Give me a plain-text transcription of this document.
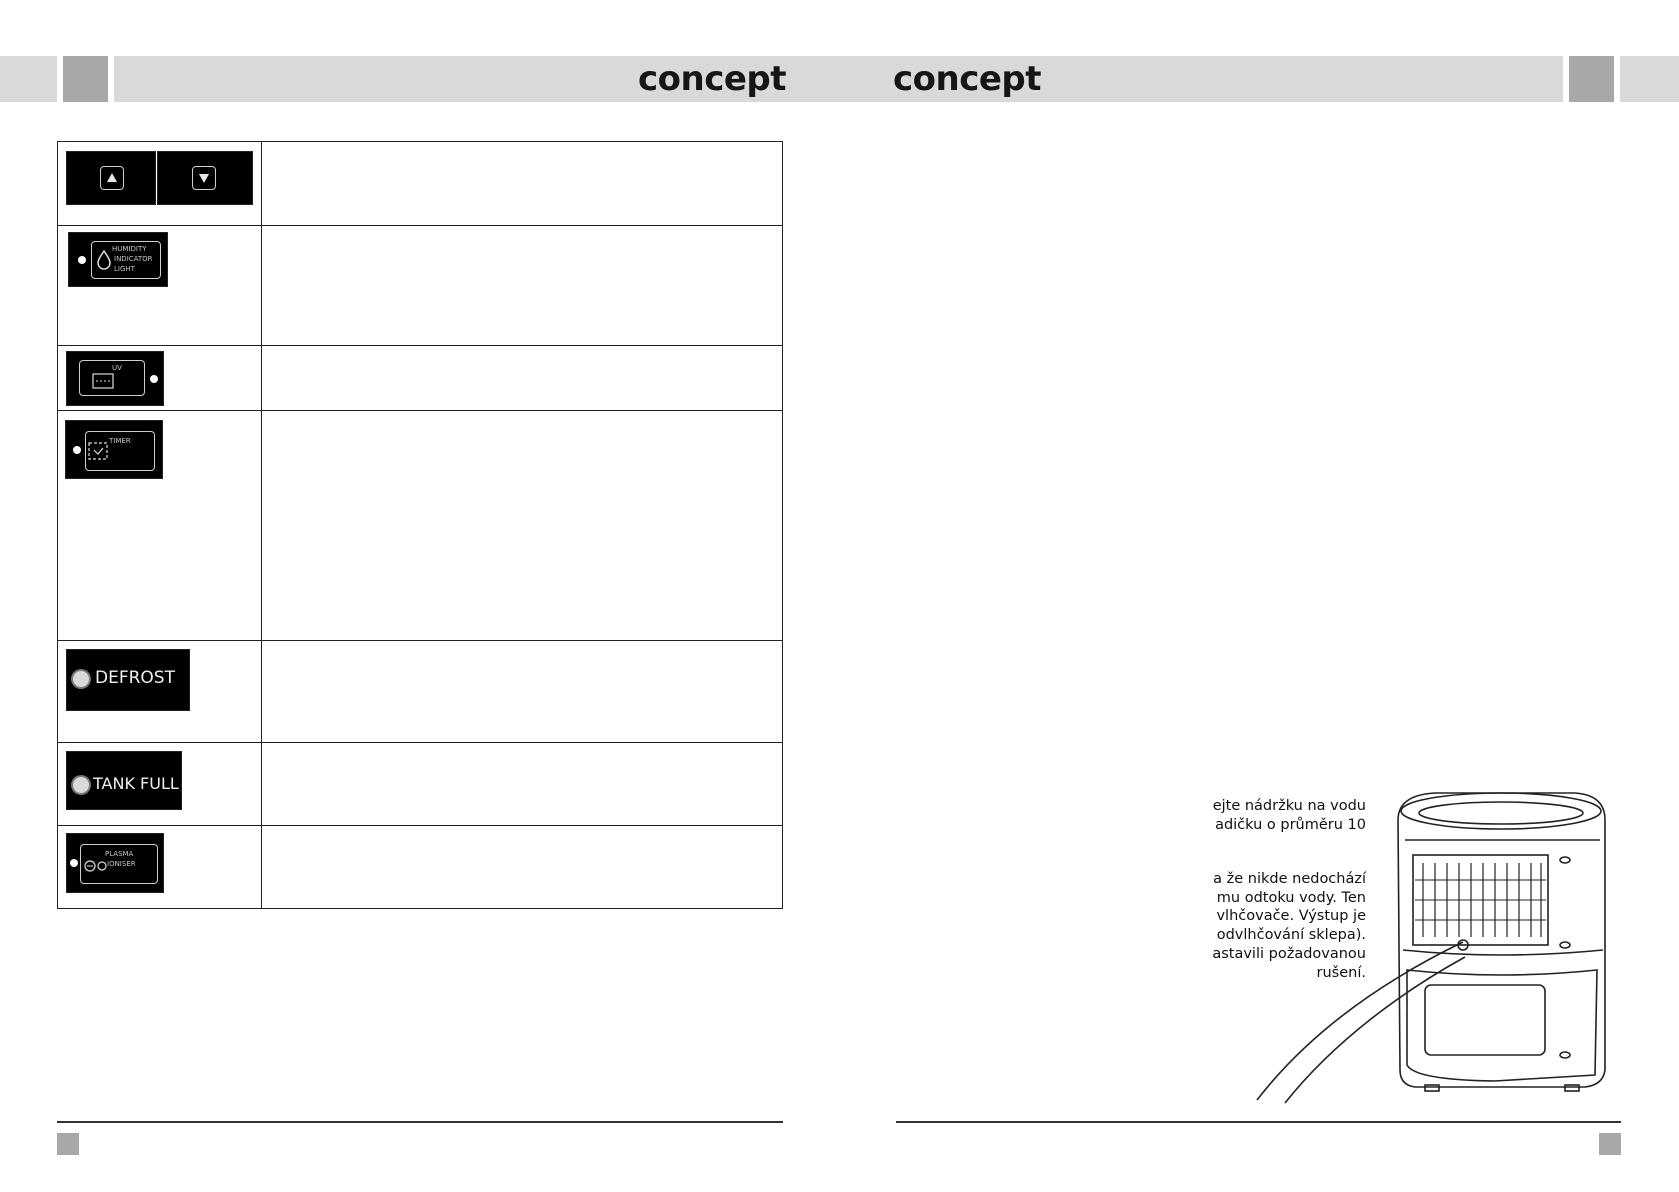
concept	concept

HUMIDITY
INDICATOR
LIGHT	

UV	

TIMER	

DEFROST	

TANK FULL	

PLASMA
IONISER	

ejte nádržku na vodu
adičku o průměru 10
a že nikde nedochází
mu odtoku vody. Ten
vlhčovače. Výstup je
odvlhčování sklepa).
astavili požadovanou
rušení.
